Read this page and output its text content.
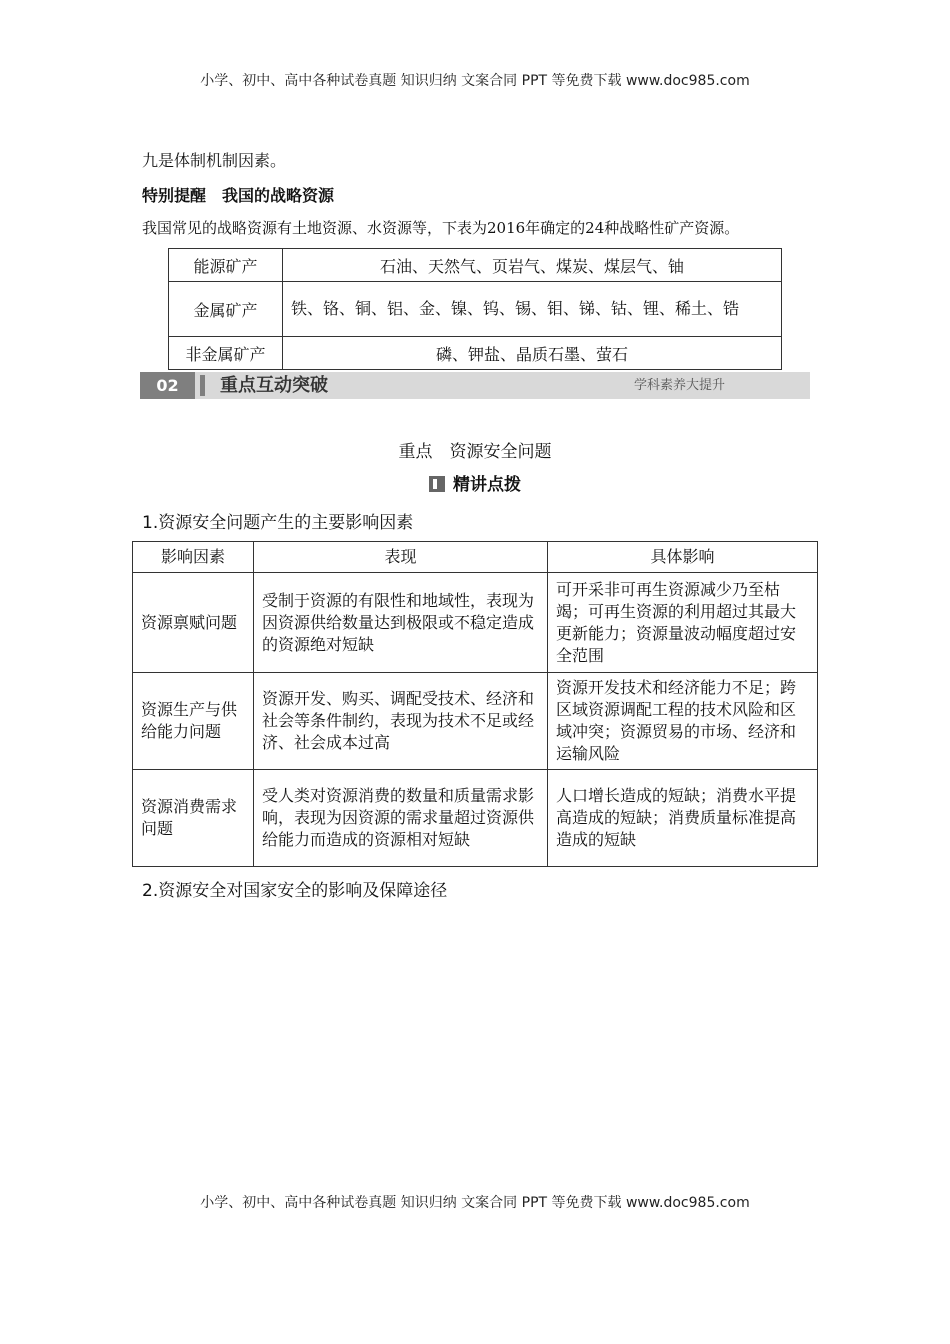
小学、初中、高中各种试卷真题 知识归纳 文案合同 PPT 等免费下载 www.doc985.com
九是体制机制因素。
特别提醒　我国的战略资源
我国常见的战略资源有土地资源、水资源等，下表为2016年确定的24种战略性矿产资源。
能源矿产	石油、天然气、页岩气、煤炭、煤层气、铀
金属矿产	铁、铬、铜、铝、金、镍、钨、锡、钼、锑、钴、锂、稀土、锆
非金属矿产	磷、钾盐、晶质石墨、萤石
02	重点互动突破	学科素养大提升
重点　资源安全问题
精讲点拨
1.资源安全问题产生的主要影响因素
影响因素	表现	具体影响
资源禀赋问题	受制于资源的有限性和地域性，表现为因资源供给数量达到极限或不稳定造成的资源绝对短缺	可开采非可再生资源减少乃至枯竭；可再生资源的利用超过其最大更新能力；资源量波动幅度超过安全范围
资源生产与供给能力问题	资源开发、购买、调配受技术、经济和社会等条件制约，表现为技术不足或经济、社会成本过高	资源开发技术和经济能力不足；跨区域资源调配工程的技术风险和区域冲突；资源贸易的市场、经济和运输风险
资源消费需求问题	受人类对资源消费的数量和质量需求影响，表现为因资源的需求量超过资源供给能力而造成的资源相对短缺	人口增长造成的短缺；消费水平提高造成的短缺；消费质量标准提高造成的短缺
2.资源安全对国家安全的影响及保障途径
小学、初中、高中各种试卷真题 知识归纳 文案合同 PPT 等免费下载 www.doc985.com
